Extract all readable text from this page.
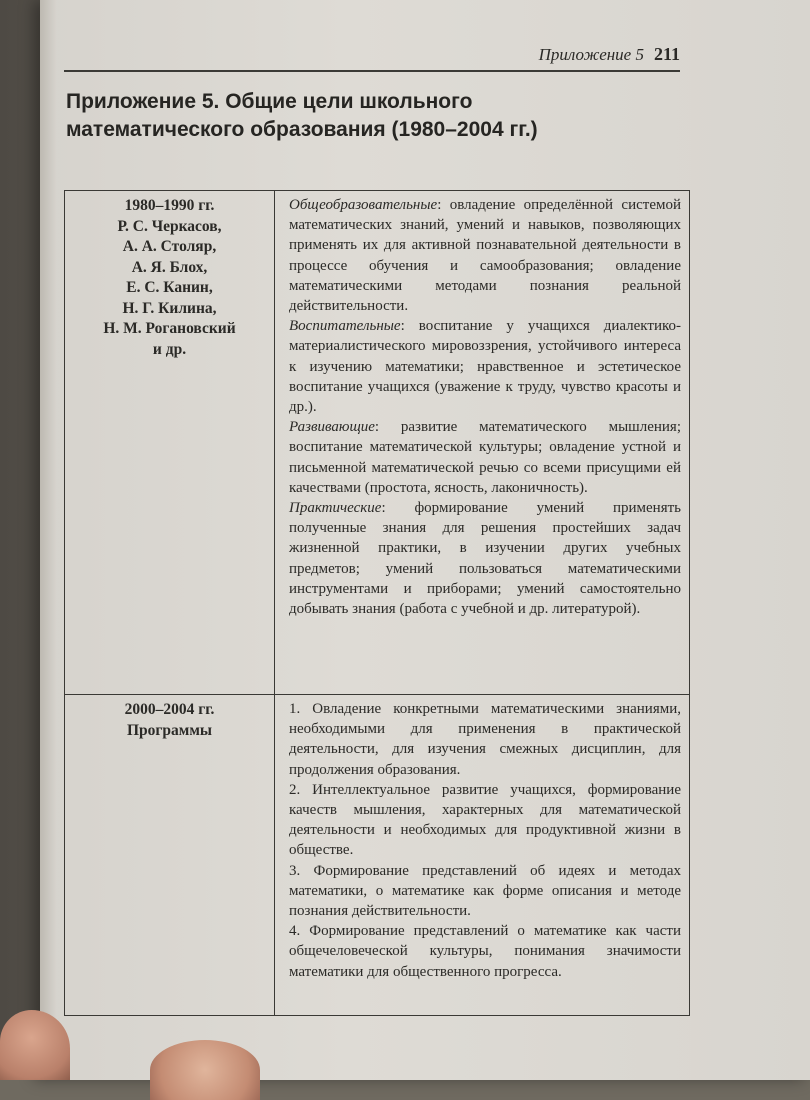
Приложение 5 211
Приложение 5. Общие цели школьного
математического образования (1980–2004 гг.)
1980–1990 гг.
Р. С. Черкасов,
А. А. Столяр,
А. Я. Блох,
Е. С. Канин,
Н. Г. Килина,
Н. М. Рогановский
и др.

Общеобразовательные: овладение определённой системой математических знаний, умений и навыков, позволяющих применять их для активной познавательной деятельности в процессе обучения и самообразования; овладение математическими методами познания реальной действительности.

Воспитательные: воспитание у учащихся диалектико-материалистического мировоззрения, устойчивого интереса к изучению математики; нравственное и эстетическое воспитание учащихся (уважение к труду, чувство красоты и др.).

Развивающие: развитие математического мышления; воспитание математической культуры; овладение устной и письменной математической речью со всеми присущими ей качествами (простота, ясность, лаконичность).

Практические: формирование умений применять полученные знания для решения простейших задач жизненной практики, в изучении других учебных предметов; умений пользоваться математическими инструментами и приборами; умений самостоятельно добывать знания (работа с учебной и др. литературой).

2000–2004 гг.
Программы

1. Овладение конкретными математическими знаниями, необходимыми для применения в практической деятельности, для изучения смежных дисциплин, для продолжения образования.

2. Интеллектуальное развитие учащихся, формирование качеств мышления, характерных для математической деятельности и необходимых для продуктивной жизни в обществе.

3. Формирование представлений об идеях и методах математики, о математике как форме описания и методе познания действительности.

4. Формирование представлений о математике как части общечеловеческой культуры, понимания значимости математики для общественного прогресса.
